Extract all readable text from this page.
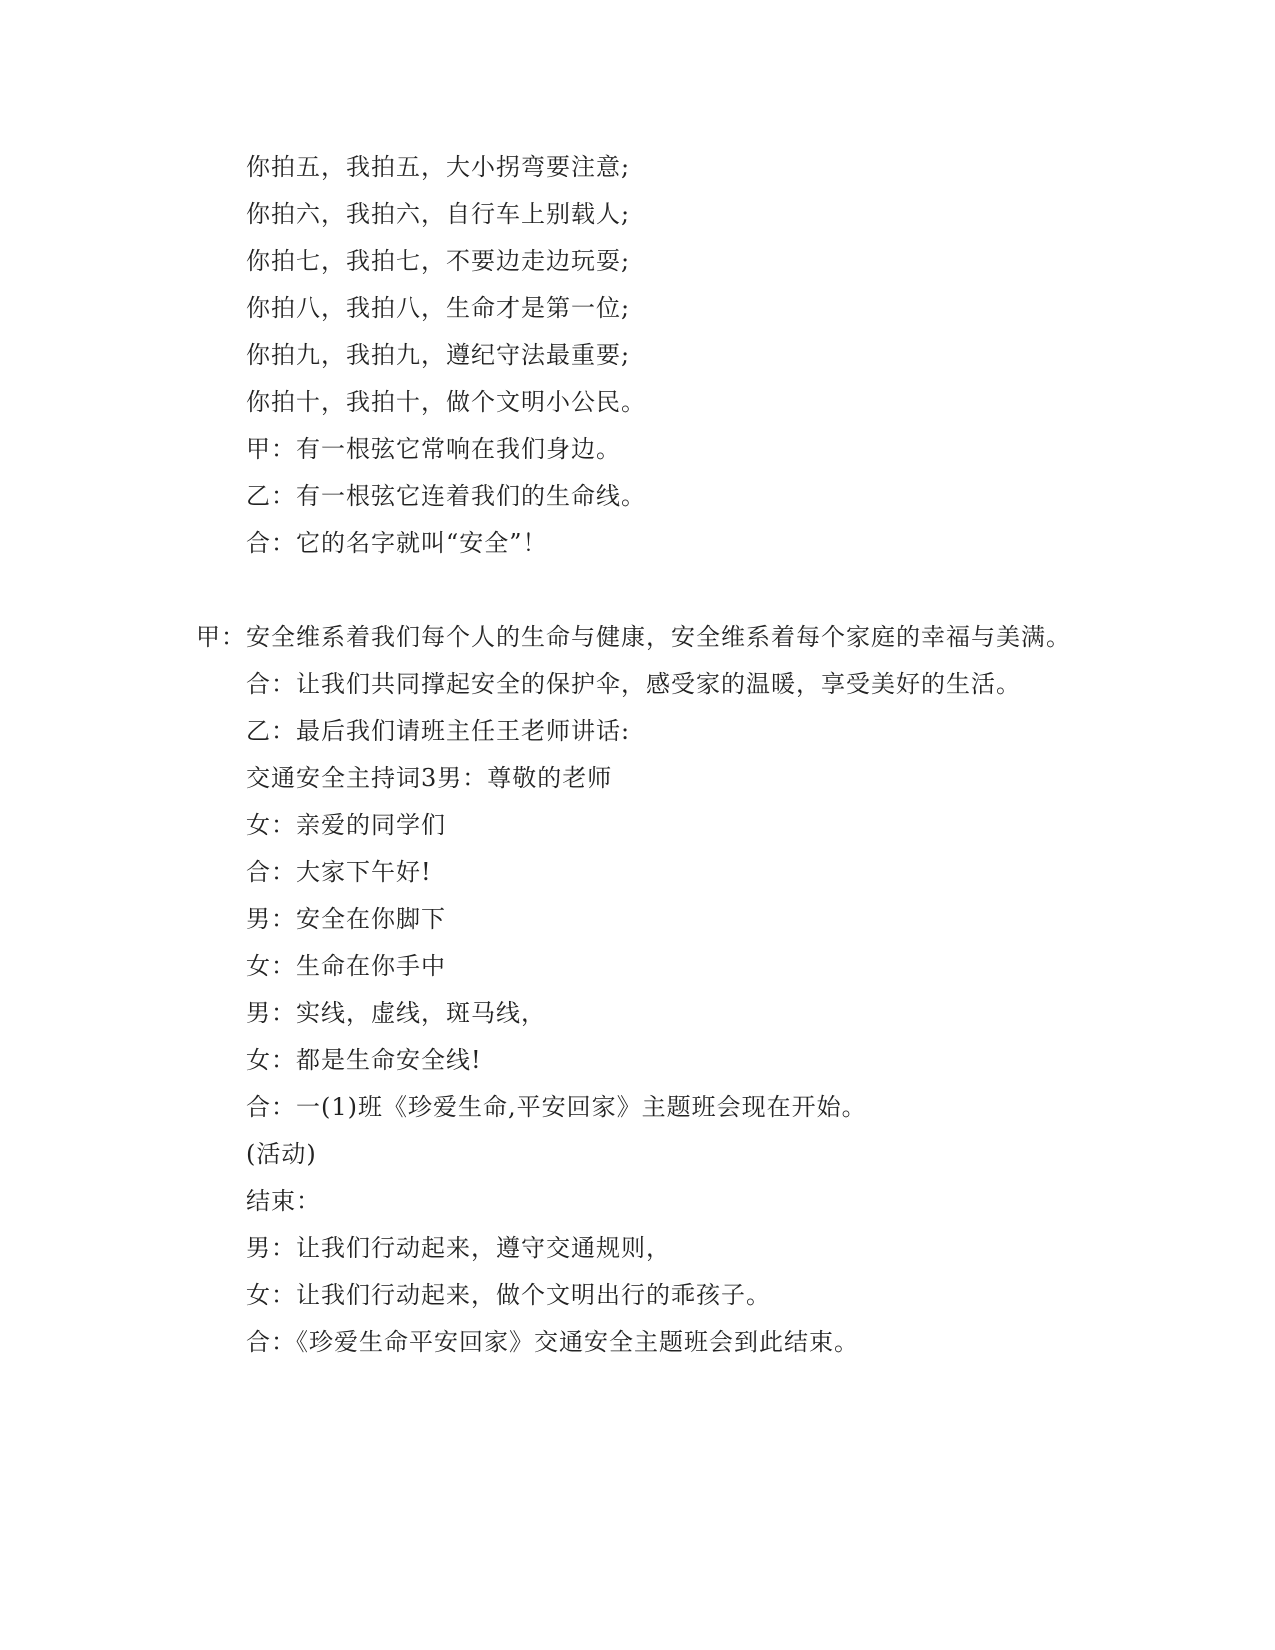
你拍五，我拍五，大小拐弯要注意;
你拍六，我拍六，自行车上别载人;
你拍七，我拍七，不要边走边玩耍;
你拍八，我拍八，生命才是第一位;
你拍九，我拍九，遵纪守法最重要;
你拍十，我拍十，做个文明小公民。
甲：有一根弦它常响在我们身边。
乙：有一根弦它连着我们的生命线。
合：它的名字就叫“安全”！
甲：安全维系着我们每个人的生命与健康，安全维系着每个家庭的幸福与美满。
合：让我们共同撑起安全的保护伞，感受家的温暖，享受美好的生活。
乙：最后我们请班主任王老师讲话:
交通安全主持词3男：尊敬的老师
女：亲爱的同学们
合：大家下午好!
男：安全在你脚下
女：生命在你手中
男：实线，虚线，斑马线，
女：都是生命安全线!
合：一(1)班《珍爱生命,平安回家》主题班会现在开始。
(活动)
结束：
男：让我们行动起来，遵守交通规则，
女：让我们行动起来，做个文明出行的乖孩子。
合：《珍爱生命平安回家》交通安全主题班会到此结束。
